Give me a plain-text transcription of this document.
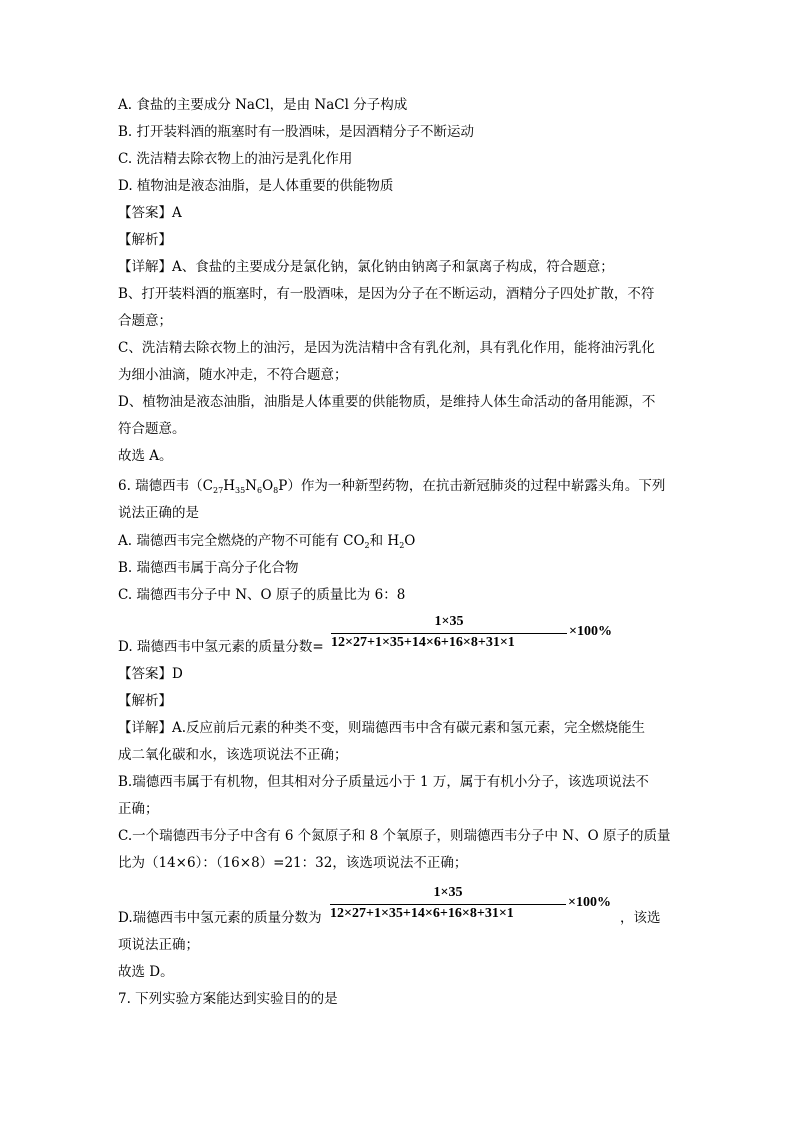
A. 食盐的主要成分 NaCl，是由 NaCl 分子构成
B. 打开装料酒的瓶塞时有一股酒味，是因酒精分子不断运动
C. 洗洁精去除衣物上的油污是乳化作用
D. 植物油是液态油脂，是人体重要的供能物质
【答案】A
【解析】
【详解】A、食盐的主要成分是氯化钠，氯化钠由钠离子和氯离子构成，符合题意；
B、打开装料酒的瓶塞时，有一股酒味，是因为分子在不断运动，酒精分子四处扩散，不符
合题意；
C、洗洁精去除衣物上的油污，是因为洗洁精中含有乳化剂，具有乳化作用，能将油污乳化
为细小油滴，随水冲走，不符合题意；
D、植物油是液态油脂，油脂是人体重要的供能物质，是维持人体生命活动的备用能源，不
符合题意。
故选 A。
6. 瑞德西韦$(C_{27}H_{35}N_6O_8P)$作为一种新型药物，在抗击新冠肺炎的过程中崭露头角。下列
说法正确的是
A. 瑞德西韦完全燃烧的产物不可能有 $CO_2$和 $H_2O$
B. 瑞德西韦属于高分子化合物
C. 瑞德西韦分子中 N、O 原子的质量比为 6：8
D. 瑞德西韦中氢元素的质量分数=
1×35
12×27+1×35+14×6+16×8+31×1
×100%
【答案】D
【解析】
【详解】A.反应前后元素的种类不变，则瑞德西韦中含有碳元素和氢元素，完全燃烧能生
成二氧化碳和水，该选项说法不正确；
B.瑞德西韦属于有机物，但其相对分子质量远小于 1 万，属于有机小分子，该选项说法不
正确；
C.一个瑞德西韦分子中含有 6 个氮原子和 8 个氧原子，则瑞德西韦分子中 N、O 原子的质量
比为（14×6）：（16×8）=21：32，该选项说法不正确；
D.瑞德西韦中氢元素的质量分数为
1×35
12×27+1×35+14×6+16×8+31×1
×100%
，该选
项说法正确；
故选 D。
7. 下列实验方案能达到实验目的的是
